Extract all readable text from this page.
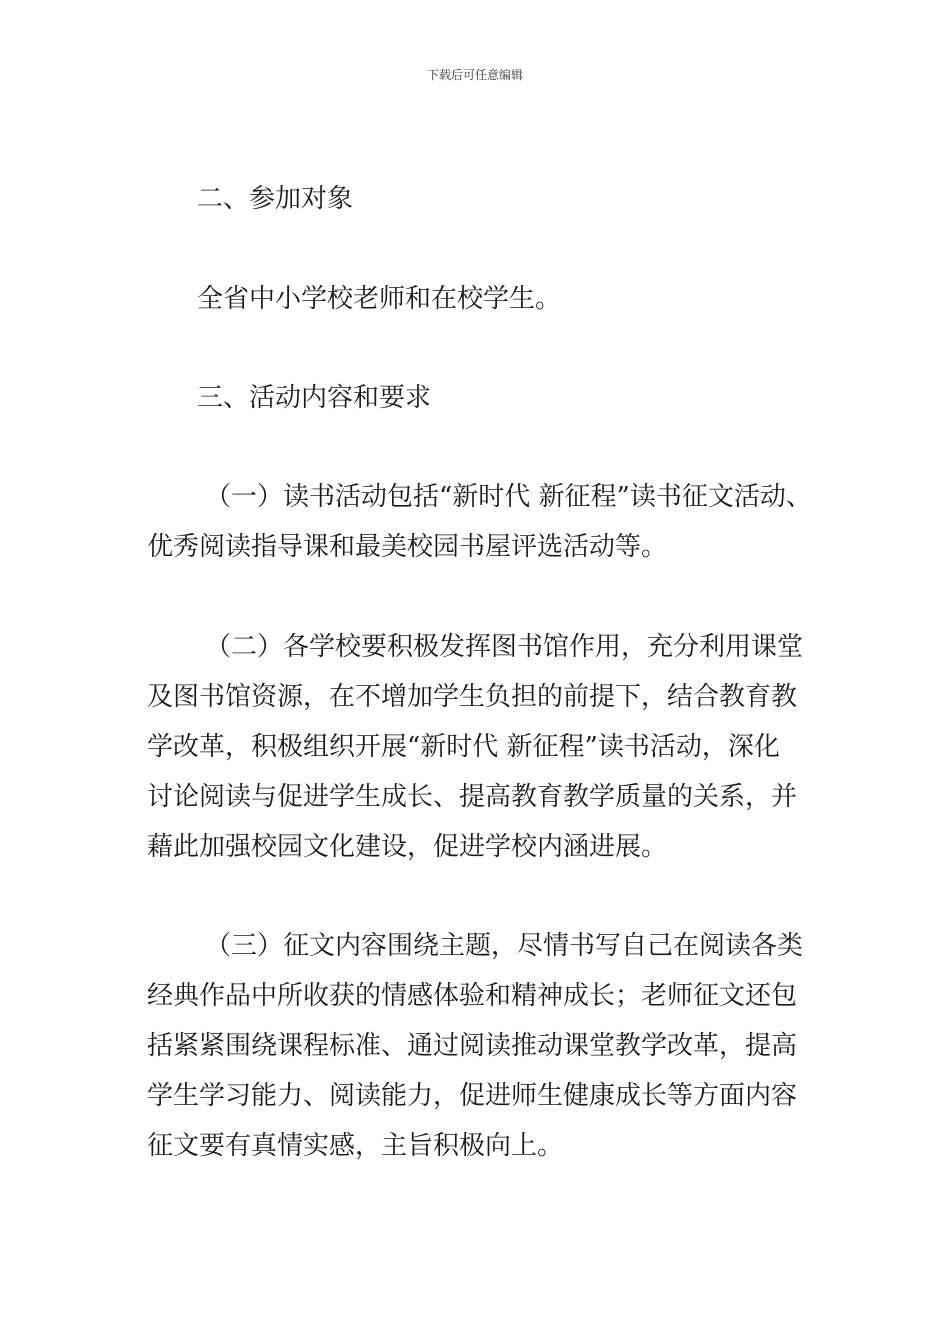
下载后可任意编辑
二、参加对象
全省中小学校老师和在校学生。
三、活动内容和要求
（一）读书活动包括“新时代 新征程”读书征文活动、
优秀阅读指导课和最美校园书屋评选活动等。
（二）各学校要积极发挥图书馆作用，充分利用课堂
及图书馆资源，在不增加学生负担的前提下，结合教育教
学改革，积极组织开展“新时代 新征程”读书活动，深化
讨论阅读与促进学生成长、提高教育教学质量的关系，并
藉此加强校园文化建设，促进学校内涵进展。
（三）征文内容围绕主题，尽情书写自己在阅读各类
经典作品中所收获的情感体验和精神成长；老师征文还包
括紧紧围绕课程标准、通过阅读推动课堂教学改革，提高
学生学习能力、阅读能力，促进师生健康成长等方面内容
征文要有真情实感，主旨积极向上。
